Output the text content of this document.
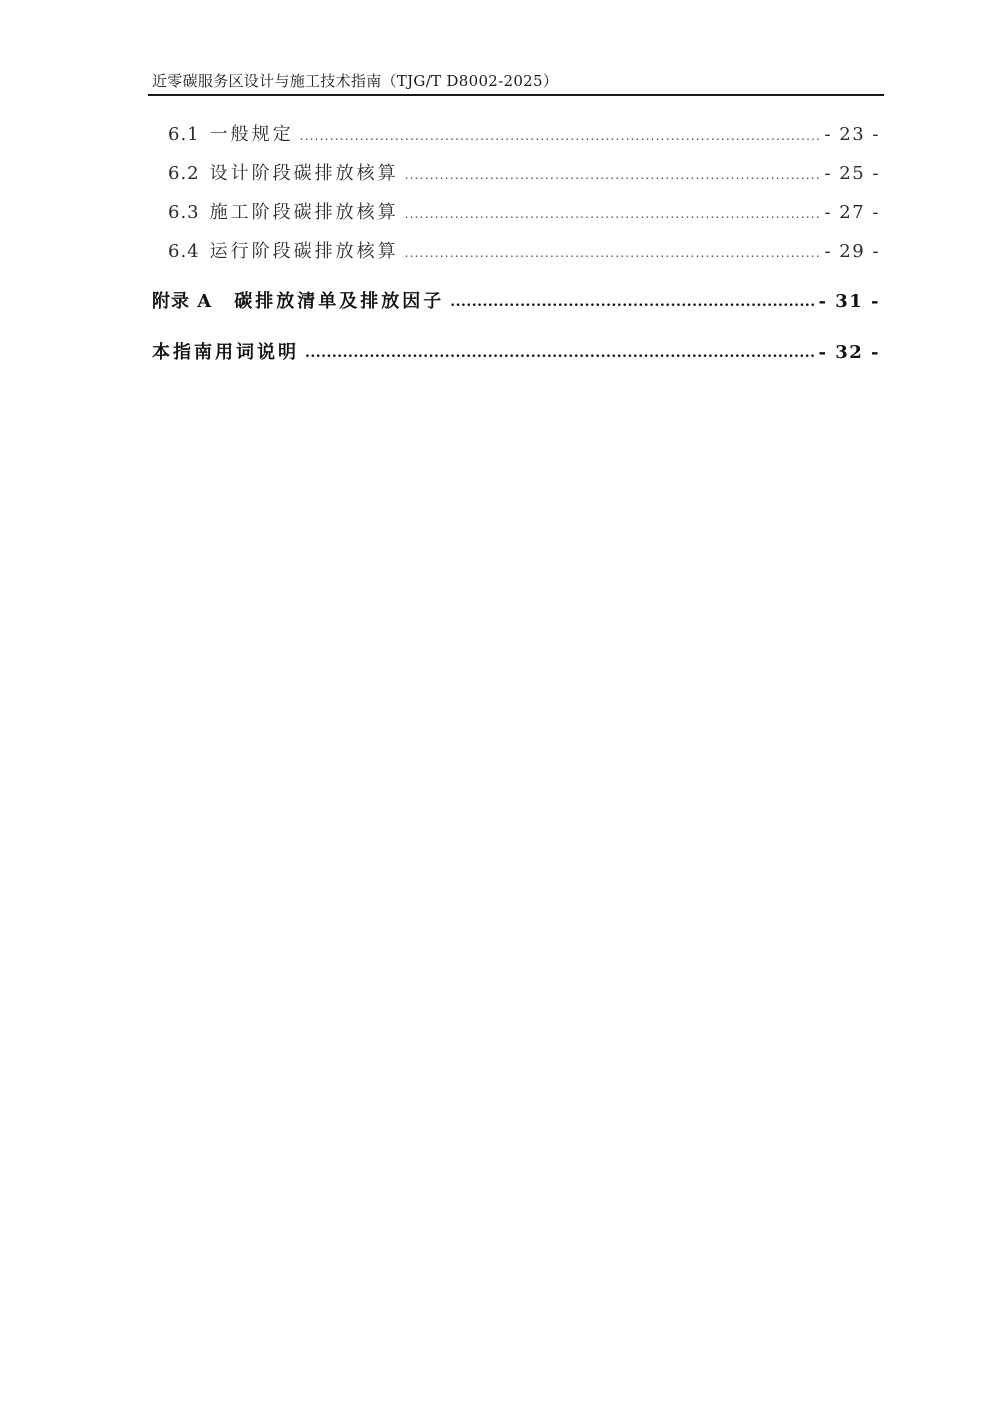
近零碳服务区设计与施工技术指南（TJG/T D8002-2025）
6.1 一般规定 .....	- 23 -
6.2 设计阶段碳排放核算 .....	- 25 -
6.3 施工阶段碳排放核算 .....	- 27 -
6.4 运行阶段碳排放核算 .....	- 29 -
附录 A 碳排放清单及排放因子 .....	- 31 -
本指南用词说明 .....	- 32 -
